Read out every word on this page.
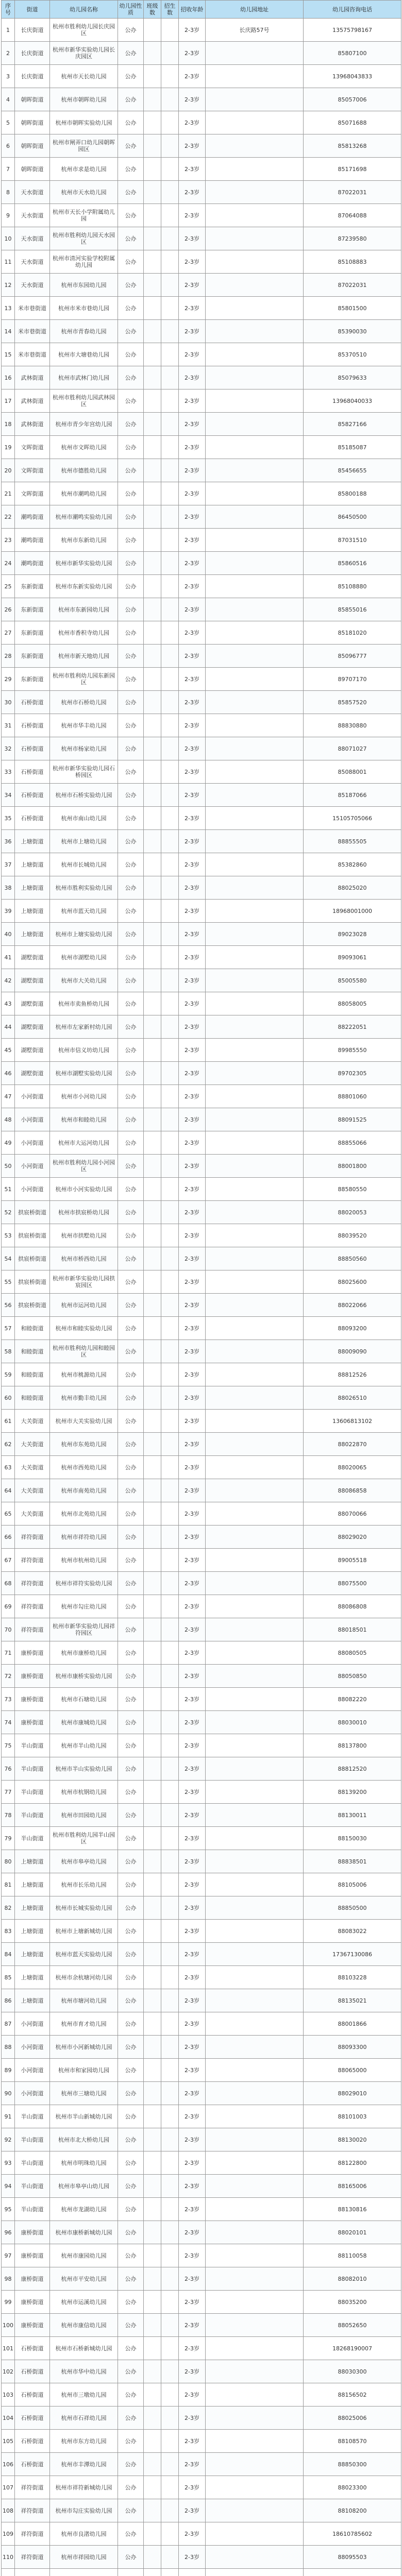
序号	街道	幼儿园名称	幼儿园性质	班级数	招生数	招收年龄	幼儿园地址	幼儿园咨询电话
1	长庆街道	杭州市胜利幼儿园长庆园区	公办			2-3岁	长庆路57号	13575798167
2	长庆街道	杭州市新华实验幼儿园长庆园区	公办			2-3岁		85807100
3	长庆街道	杭州市天长幼儿园	公办			2-3岁		13968043833
4	朝晖街道	杭州市朝晖幼儿园	公办			2-3岁		85057006
5	朝晖街道	杭州市朝晖实验幼儿园	公办			2-3岁		85071688
6	朝晖街道	杭州市闸弄口幼儿园朝晖园区	公办			2-3岁		85813268
7	朝晖街道	杭州市求是幼儿园	公办			2-3岁		85171698
8	天水街道	杭州市天水幼儿园	公办			2-3岁		87022031
9	天水街道	杭州市天长小学附属幼儿园	公办			2-3岁		87064088
10	天水街道	杭州市胜利幼儿园天水园区	公办			2-3岁		87239580
11	天水街道	杭州市清河实验学校附属幼儿园	公办			2-3岁		85108883
12	天水街道	杭州市东园幼儿园	公办			2-3岁		87022031
13	米市巷街道	杭州市米市巷幼儿园	公办			2-3岁		85801500
14	米市巷街道	杭州市青春幼儿园	公办			2-3岁		85390030
15	米市巷街道	杭州市大塘巷幼儿园	公办			2-3岁		85370510
16	武林街道	杭州市武林门幼儿园	公办			2-3岁		85079633
17	武林街道	杭州市胜利幼儿园武林园区	公办			2-3岁		13968040033
18	武林街道	杭州市青少年宫幼儿园	公办			2-3岁		85827166
19	文晖街道	杭州市文晖幼儿园	公办			2-3岁		85185087
20	文晖街道	杭州市德胜幼儿园	公办			2-3岁		85456655
21	文晖街道	杭州市潮鸣幼儿园	公办			2-3岁		85800188
22	潮鸣街道	杭州市潮鸣实验幼儿园	公办			2-3岁		86450500
23	潮鸣街道	杭州市东新幼儿园	公办			2-3岁		87031510
24	潮鸣街道	杭州市新华实验幼儿园	公办			2-3岁		85860516
25	东新街道	杭州市东新实验幼儿园	公办			2-3岁		85108880
26	东新街道	杭州市东新园幼儿园	公办			2-3岁		85855016
27	东新街道	杭州市香积寺幼儿园	公办			2-3岁		85181020
28	东新街道	杭州市新天地幼儿园	公办			2-3岁		85096777
29	东新街道	杭州市胜利幼儿园东新园区	公办			2-3岁		89707170
30	石桥街道	杭州市石桥幼儿园	公办			2-3岁		85857520
31	石桥街道	杭州市华丰幼儿园	公办			2-3岁		88830880
32	石桥街道	杭州市杨家幼儿园	公办			2-3岁		88071027
33	石桥街道	杭州市新华实验幼儿园石桥园区	公办			2-3岁		85088001
34	石桥街道	杭州市石桥实验幼儿园	公办			2-3岁		85187066
35	石桥街道	杭州市南山幼儿园	公办			2-3岁		15105705066
36	上塘街道	杭州市上塘幼儿园	公办			2-3岁		88855505
37	上塘街道	杭州市长城幼儿园	公办			2-3岁		85382860
38	上塘街道	杭州市胜利实验幼儿园	公办			2-3岁		88025020
39	上塘街道	杭州市蓝天幼儿园	公办			2-3岁		18968001000
40	上塘街道	杭州市上塘实验幼儿园	公办			2-3岁		89023028
41	湖墅街道	杭州市湖墅幼儿园	公办			2-3岁		89093061
42	湖墅街道	杭州市大关幼儿园	公办			2-3岁		85005580
43	湖墅街道	杭州市卖鱼桥幼儿园	公办			2-3岁		88058005
44	湖墅街道	杭州市左家新村幼儿园	公办			2-3岁		88222051
45	湖墅街道	杭州市信义坊幼儿园	公办			2-3岁		89985550
46	湖墅街道	杭州市湖墅实验幼儿园	公办			2-3岁		89702305
47	小河街道	杭州市小河幼儿园	公办			2-3岁		88801060
48	小河街道	杭州市和睦幼儿园	公办			2-3岁		88091525
49	小河街道	杭州市大运河幼儿园	公办			2-3岁		88855066
50	小河街道	杭州市胜利幼儿园小河园区	公办			2-3岁		88001800
51	小河街道	杭州市小河实验幼儿园	公办			2-3岁		88580550
52	拱宸桥街道	杭州市拱宸桥幼儿园	公办			2-3岁		88020053
53	拱宸桥街道	杭州市拱墅幼儿园	公办			2-3岁		88039520
54	拱宸桥街道	杭州市桥西幼儿园	公办			2-3岁		88850560
55	拱宸桥街道	杭州市新华实验幼儿园拱宸园区	公办			2-3岁		88025600
56	拱宸桥街道	杭州市运河幼儿园	公办			2-3岁		88022066
57	和睦街道	杭州市和睦实验幼儿园	公办			2-3岁		88093200
58	和睦街道	杭州市胜利幼儿园和睦园区	公办			2-3岁		88009090
59	和睦街道	杭州市桃源幼儿园	公办			2-3岁		88812526
60	和睦街道	杭州市勤丰幼儿园	公办			2-3岁		88026510
61	大关街道	杭州市大关实验幼儿园	公办			2-3岁		13606813102
62	大关街道	杭州市东苑幼儿园	公办			2-3岁		88022870
63	大关街道	杭州市西苑幼儿园	公办			2-3岁		88020065
64	大关街道	杭州市南苑幼儿园	公办			2-3岁		88086858
65	大关街道	杭州市北苑幼儿园	公办			2-3岁		88070066
66	祥符街道	杭州市祥符幼儿园	公办			2-3岁		88029020
67	祥符街道	杭州市杭州幼儿园	公办			2-3岁		89005518
68	祥符街道	杭州市祥符实验幼儿园	公办			2-3岁		88075500
69	祥符街道	杭州市勾庄幼儿园	公办			2-3岁		88086808
70	祥符街道	杭州市新华实验幼儿园祥符园区	公办			2-3岁		88018501
71	康桥街道	杭州市康桥幼儿园	公办			2-3岁		88080505
72	康桥街道	杭州市康桥实验幼儿园	公办			2-3岁		88050850
73	康桥街道	杭州市石塘幼儿园	公办			2-3岁		88082220
74	康桥街道	杭州市康城幼儿园	公办			2-3岁		88030010
75	半山街道	杭州市半山幼儿园	公办			2-3岁		88137800
76	半山街道	杭州市半山实验幼儿园	公办			2-3岁		88812520
77	半山街道	杭州市杭钢幼儿园	公办			2-3岁		88139200
78	半山街道	杭州市田园幼儿园	公办			2-3岁		88130011
79	半山街道	杭州市胜利幼儿园半山园区	公办			2-3岁		88150030
80	上塘街道	杭州市皋亭幼儿园	公办			2-3岁		88838501
81	上塘街道	杭州市长乐幼儿园	公办			2-3岁		88105006
82	上塘街道	杭州市长城实验幼儿园	公办			2-3岁		88850500
83	上塘街道	杭州市上塘新城幼儿园	公办			2-3岁		88083022
84	上塘街道	杭州市蓝天实验幼儿园	公办			2-3岁		17367130086
85	上塘街道	杭州市余杭塘河幼儿园	公办			2-3岁		88103228
86	上塘街道	杭州市塘河幼儿园	公办			2-3岁		88135021
87	小河街道	杭州市育才幼儿园	公办			2-3岁		88001866
88	小河街道	杭州市小河新城幼儿园	公办			2-3岁		88093300
89	小河街道	杭州市和家园幼儿园	公办			2-3岁		88065000
90	小河街道	杭州市三塘幼儿园	公办			2-3岁		88029010
91	半山街道	杭州市半山新城幼儿园	公办			2-3岁		88101003
92	半山街道	杭州市北大桥幼儿园	公办			2-3岁		88130020
93	半山街道	杭州市明珠幼儿园	公办			2-3岁		88122800
94	半山街道	杭州市皋亭山幼儿园	公办			2-3岁		88165006
95	半山街道	杭州市龙湖幼儿园	公办			2-3岁		88130816
96	康桥街道	杭州市康桥新城幼儿园	公办			2-3岁		88020101
97	康桥街道	杭州市康园幼儿园	公办			2-3岁		88110058
98	康桥街道	杭州市平安幼儿园	公办			2-3岁		88082010
99	康桥街道	杭州市运溪幼儿园	公办			2-3岁		88035200
100	康桥街道	杭州市康信幼儿园	公办			2-3岁		88052650
101	石桥街道	杭州市石桥新城幼儿园	公办			2-3岁		18268190007
102	石桥街道	杭州市华中幼儿园	公办			2-3岁		88030300
103	石桥街道	杭州市三墩幼儿园	公办			2-3岁		88156502
104	石桥街道	杭州市石祥幼儿园	公办			2-3岁		88025006
105	石桥街道	杭州市东方幼儿园	公办			2-3岁		88108570
106	石桥街道	杭州市丰潭幼儿园	公办			2-3岁		88850300
107	祥符街道	杭州市祥符新城幼儿园	公办			2-3岁		88023300
108	祥符街道	杭州市勾庄实验幼儿园	公办			2-3岁		88108200
109	祥符街道	杭州市良渚幼儿园	公办			2-3岁		18610785602
110	祥符街道	杭州市祥园幼儿园	公办			2-3岁		88095503
